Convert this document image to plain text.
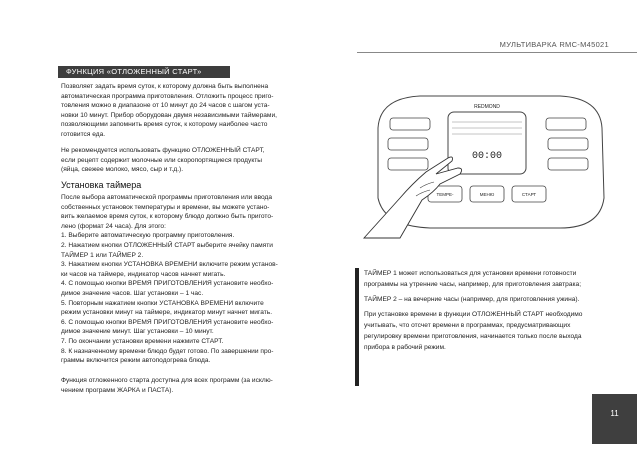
МУЛЬТИВАРКА RMC-M45021
ФУНКЦИЯ «ОТЛОЖЕННЫЙ СТАРТ»

Позволяет задать время суток, к которому должна быть выполнена

автоматическая программа приготовления. Отложить процесс приго-

товления можно в диапазоне от 10 минут до 24 часов с шагом уста-

новки 10 минут. Прибор оборудован двумя независимыми таймерами,

позволяющими запомнить время суток, к которому наиболее часто

готовится еда.

Не рекомендуется использовать функцию ОТЛОЖЕННЫЙ СТАРТ,

если рецепт содержит молочные или скоропортящиеся продукты

(яйца, свежее молоко, мясо, сыр и т.д.).

Установка таймера

После выбора автоматической программы приготовления или ввода

собственных установок температуры и времени, вы можете устано-

вить желаемое время суток, к которому блюдо должно быть пригото-

лено (формат 24 часа). Для этого:

1. Выберите автоматическую программу приготовления.

2. Нажатием кнопки ОТЛОЖЕННЫЙ СТАРТ выберите ячейку памяти

ТАЙМЕР 1 или ТАЙМЕР 2.

3. Нажатием кнопки УСТАНОВКА ВРЕМЕНИ включите режим установ-

ки часов на таймере, индикатор часов начнет мигать.

4. С помощью кнопки ВРЕМЯ ПРИГОТОВЛЕНИЯ установите необхо-

димое значение часов. Шаг установки – 1 час.

5. Повторным нажатием кнопки УСТАНОВКА ВРЕМЕНИ включите

режим установки минут на таймере, индикатор минут начнет мигать.

6. С помощью кнопки ВРЕМЯ ПРИГОТОВЛЕНИЯ установите необхо-

димое значение минут. Шаг установки – 10 минут.

7. По окончании установки времени нажмите СТАРТ.

8. К назначенному времени блюдо будет готово. По завершении про-

граммы включится режим автоподогрева блюда.

Функция отложенного старта доступна для всех программ (за исклю-

чением программ ЖАРКА и ПАСТА).

REDMOND
00:00
TEMPE-	МЕНЮ	СТАРТ

ТАЙМЕР 1 может использоваться для установки времени готовности программы на утренние часы, например, для приготовления завтрака;

ТАЙМЕР 2 – на вечерние часы (например, для приготовления ужина).

При установке времени в функции ОТЛОЖЕННЫЙ СТАРТ необходимо учитывать, что отсчет времени в программах, предусматривающих регулировку времени приготовления, начинается только после выхода прибора в рабочий режим.

11
